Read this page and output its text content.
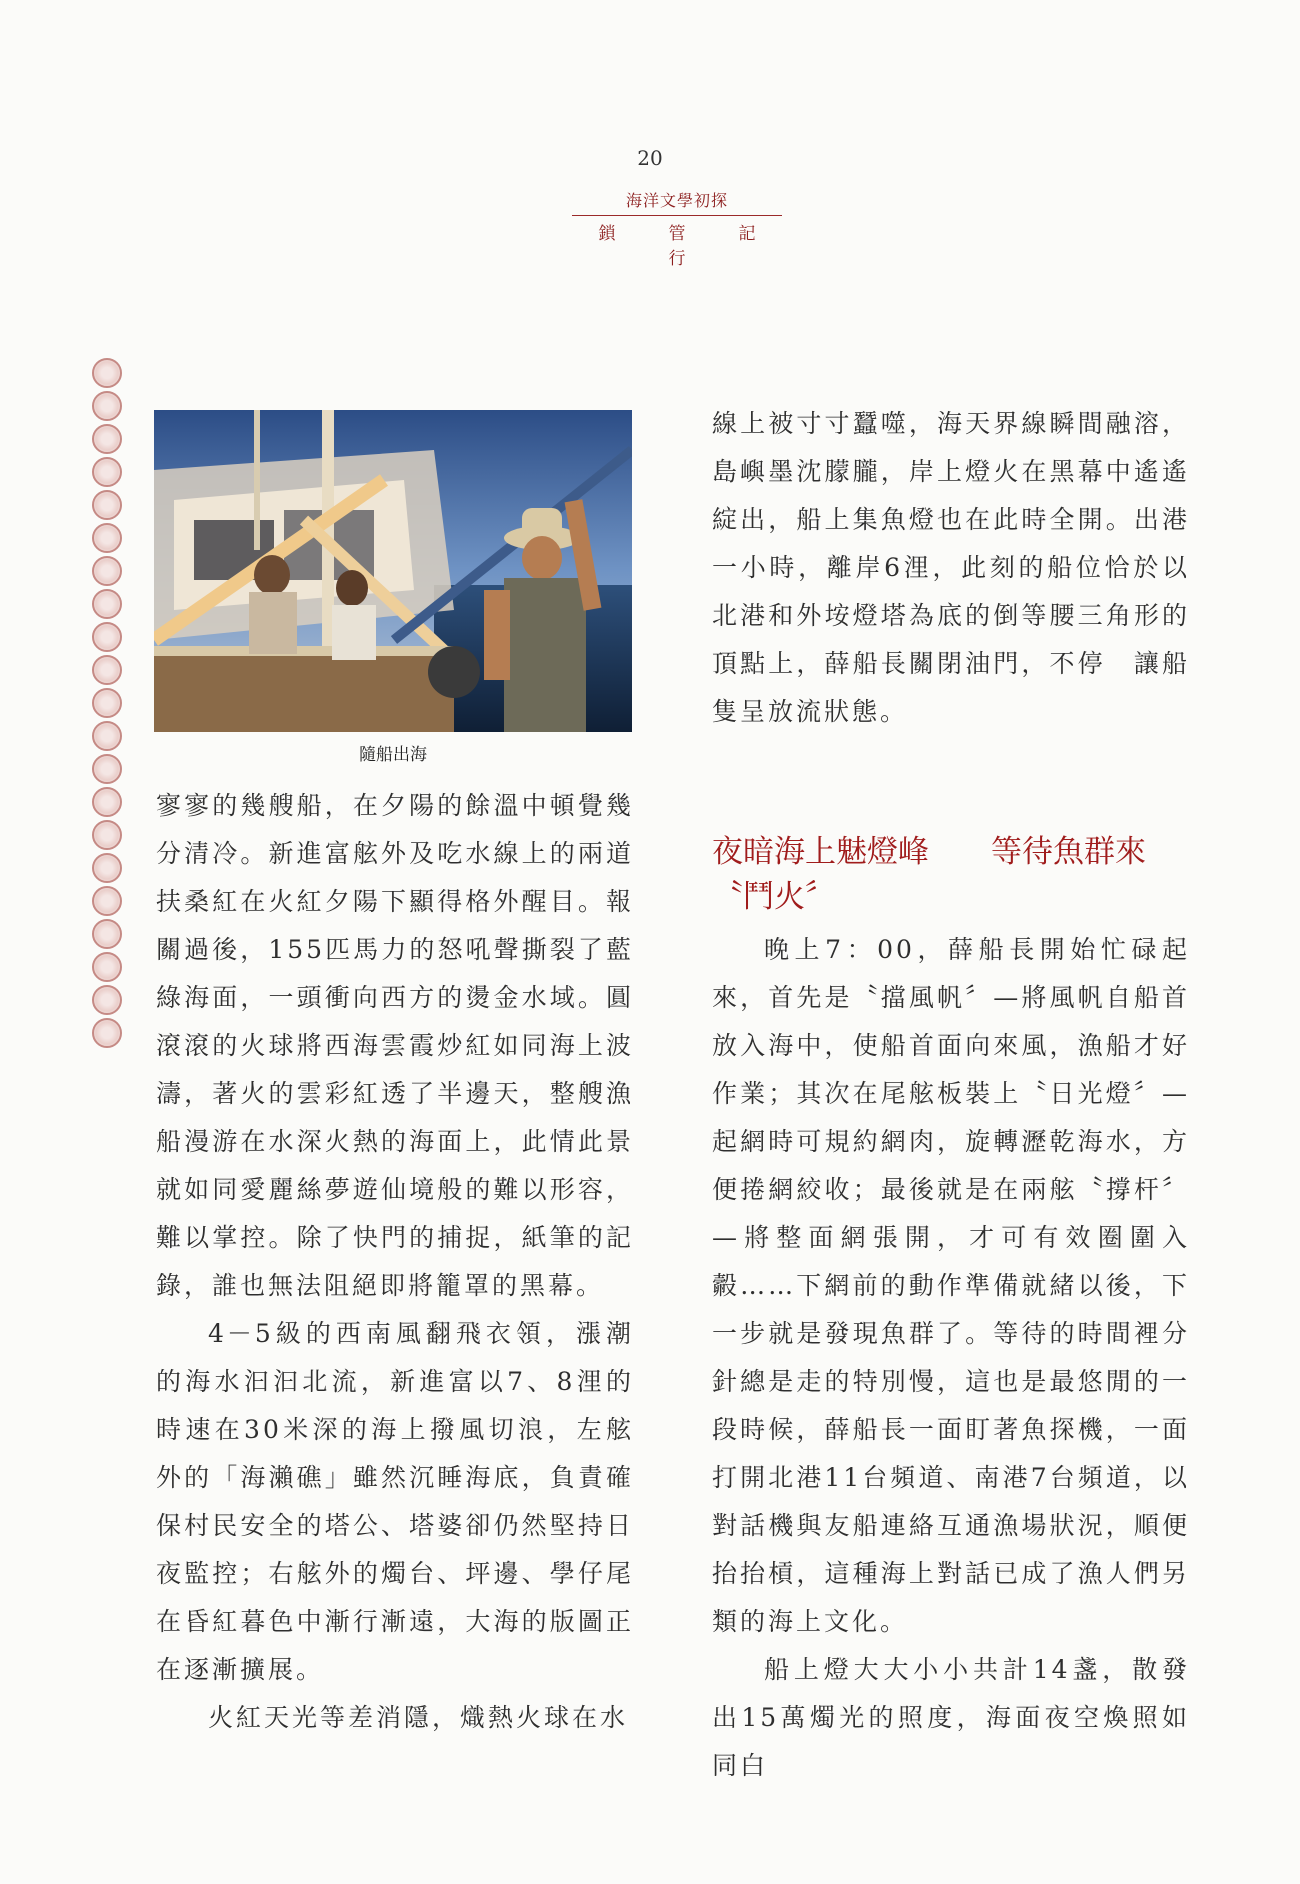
20
海洋文學初探
鎖　管　記　行
隨船出海

寥寥的幾艘船，在夕陽的餘溫中頓覺幾分清冷。新進富舷外及吃水線上的兩道扶桑紅在火紅夕陽下顯得格外醒目。報關過後，155匹馬力的怒吼聲撕裂了藍綠海面，一頭衝向西方的燙金水域。圓滾滾的火球將西海雲霞炒紅如同海上波濤，著火的雲彩紅透了半邊天，整艘漁船漫游在水深火熱的海面上，此情此景就如同愛麗絲夢遊仙境般的難以形容，難以掌控。除了快門的捕捉，紙筆的記錄，誰也無法阻絕即將籠罩的黑幕。

4－5級的西南風翻飛衣領，漲潮的海水汩汩北流，新進富以7、8浬的時速在30米深的海上撥風切浪，左舷外的「海瀨礁」雖然沉睡海底，負責確保村民安全的塔公、塔婆卻仍然堅持日夜監控；右舷外的燭台、坪邊、學仔尾在昏紅暮色中漸行漸遠，大海的版圖正在逐漸擴展。

火紅天光等差消隱，熾熱火球在水

線上被寸寸蠶噬，海天界線瞬間融溶，島嶼墨沈朦朧，岸上燈火在黑幕中遙遙綻出，船上集魚燈也在此時全開。出港一小時，離岸6浬，此刻的船位恰於以北港和外垵燈塔為底的倒等腰三角形的頂點上，薛船長關閉油門，不停　讓船隻呈放流狀態。

夜暗海上魅燈峰　　等待魚群來〝鬥火〞

晚上7：00，薛船長開始忙碌起來，首先是〝擋風帆〞—將風帆自船首放入海中，使船首面向來風，漁船才好作業；其次在尾舷板裝上〝日光燈〞—起網時可規約網肉，旋轉瀝乾海水，方便捲網絞收；最後就是在兩舷〝撐杆〞—將整面網張開，才可有效圈圍入㲉……下網前的動作準備就緒以後，下一步就是發現魚群了。等待的時間裡分針總是走的特別慢，這也是最悠閒的一段時候，薛船長一面盯著魚探機，一面打開北港11台頻道、南港7台頻道，以對話機與友船連絡互通漁場狀況，順便抬抬槓，這種海上對話已成了漁人們另類的海上文化。

船上燈大大小小共計14盞，散發出15萬燭光的照度，海面夜空煥照如同白
